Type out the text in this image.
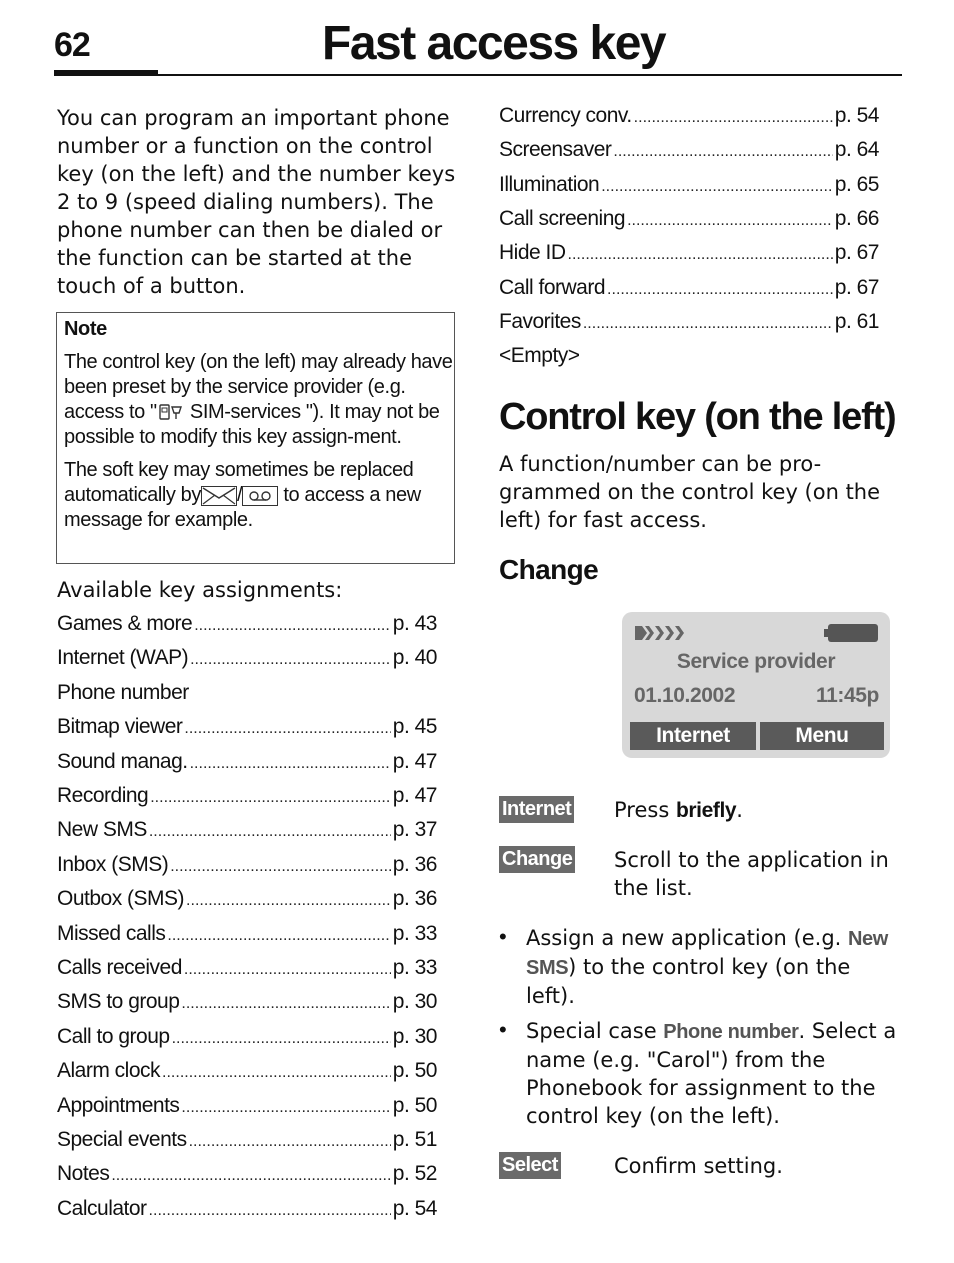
62	Fast access key
You can program an important phone number or a function on the control key (on the left) and the number keys 2 to 9 (speed dialing numbers). The phone number can then be dialed or the function can be started at the touch of a button.
Note
The control key (on the left) may already have been preset by the service provider (e.g. access to " SIM-services "). It may not be possible to modify this key assign-ment.
The soft key may sometimes be replaced automatically by /
to access a new message for example.
Available key assignments:
Games & more .....	p. 43
Internet (WAP) .....	p. 40
Phone number
Bitmap viewer .....	p. 45
Sound manag. .....	p. 47
Recording .....	p. 47
New SMS .....	p. 37
Inbox (SMS) .....	p. 36
Outbox (SMS) .....	p. 36
Missed calls .....	p. 33
Calls received .....	p. 33
SMS to group .....	p. 30
Call to group .....	p. 30
Alarm clock .....	p. 50
Appointments .....	p. 50
Special events .....	p. 51
Notes .....	p. 52
Calculator .....	p. 54
Currency conv. .....	p. 54
Screensaver .....	p. 64
Illumination .....	p. 65
Call screening .....	p. 66
Hide ID .....	p. 67
Call forward .....	p. 67
Favorites .....	p. 61
<Empty>
Control key (on the left)
A function/number can be pro-grammed on the control key (on the left) for fast access.
Change
Service provider
01.10.2002	11:45p
Internet	Menu
Internet Press briefly.
Change Scroll to the application in the list.
• Assign a new application (e.g. New SMS) to the control key (on the left).
• Special case Phone number. Select a name (e.g. "Carol") from the Phonebook for assignment to the control key (on the left).
Select	Confirm setting.
